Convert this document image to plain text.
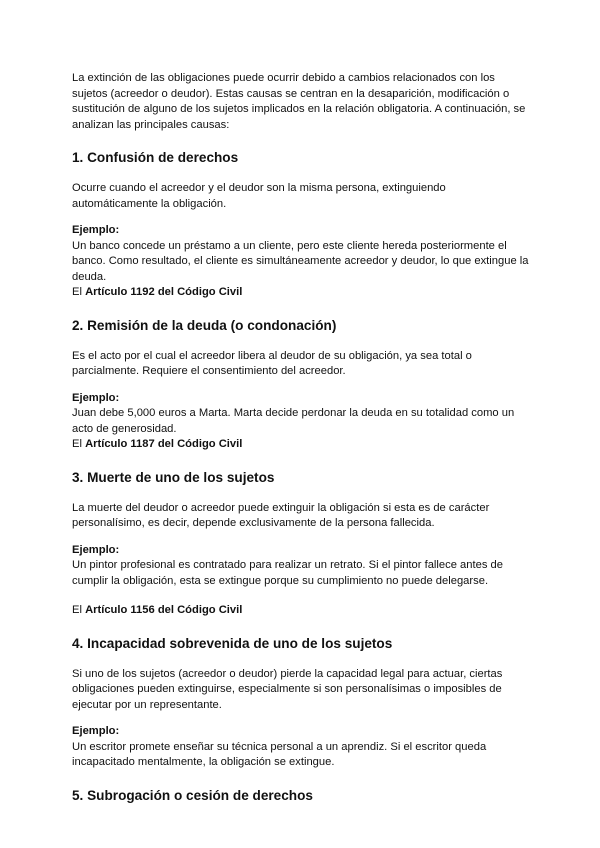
La extinción de las obligaciones puede ocurrir debido a cambios relacionados con los sujetos (acreedor o deudor). Estas causas se centran en la desaparición, modificación o sustitución de alguno de los sujetos implicados en la relación obligatoria. A continuación, se analizan las principales causas:

1. Confusión de derechos

Ocurre cuando el acreedor y el deudor son la misma persona, extinguiendo automáticamente la obligación.

Ejemplo:

Un banco concede un préstamo a un cliente, pero este cliente hereda posteriormente el banco. Como resultado, el cliente es simultáneamente acreedor y deudor, lo que extingue la deuda.

El Artículo 1192 del Código Civil

2. Remisión de la deuda (o condonación)

Es el acto por el cual el acreedor libera al deudor de su obligación, ya sea total o parcialmente. Requiere el consentimiento del acreedor.

Ejemplo:

Juan debe 5,000 euros a Marta. Marta decide perdonar la deuda en su totalidad como un acto de generosidad.

El Artículo 1187 del Código Civil

3. Muerte de uno de los sujetos

La muerte del deudor o acreedor puede extinguir la obligación si esta es de carácter personalísimo, es decir, depende exclusivamente de la persona fallecida.

Ejemplo:

Un pintor profesional es contratado para realizar un retrato. Si el pintor fallece antes de cumplir la obligación, esta se extingue porque su cumplimiento no puede delegarse.

El Artículo 1156 del Código Civil

4. Incapacidad sobrevenida de uno de los sujetos

Si uno de los sujetos (acreedor o deudor) pierde la capacidad legal para actuar, ciertas obligaciones pueden extinguirse, especialmente si son personalísimas o imposibles de ejecutar por un representante.

Ejemplo:

Un escritor promete enseñar su técnica personal a un aprendiz. Si el escritor queda incapacitado mentalmente, la obligación se extingue.

5. Subrogación o cesión de derechos
